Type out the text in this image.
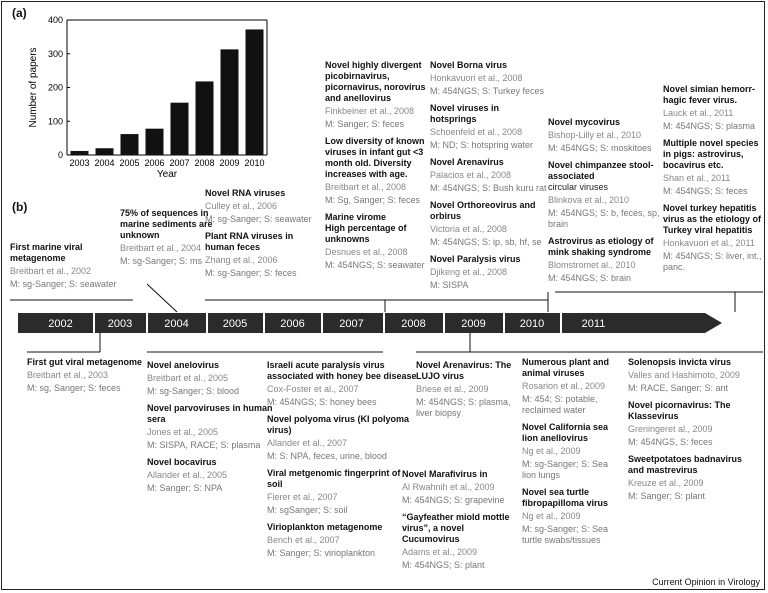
(a)
(b)
0
100
200
300
400
2003 2004 2005 2006 2007 2008 2009 2010
Year
Number of papers
2002	2003	2004	2005	2006	2007	2008	2009	2010	2011
First marine viral metagenome
Breitbart et al., 2002
M: sg-Sanger; S: seawater
75% of sequences in marine sediments are unknown
Breitbart et al., 2004
M: sg-Sanger; S: ms
Novel RNA viruses
Culley et al., 2006
M: sg-Sanger; S: seawater
Plant RNA viruses in human feces
Zhang et al., 2006
M: sg-Sanger; S: feces
Novel highly divergent picobirnavirus, picornavirus, norovirus and anellovirus
Finkbeiner et al., 2008
M: Sanger; S: feces
Low diversity of known viruses in infant gut <3 month old. Diversity increases with age.
Breitbart et al., 2008
M: Sg, Sanger; S: feces
Marine virome
High percentage of unknowns
Desnues et al., 2008
M: 454NGS; S: seawater
Novel Borna virus
Honkavuori et al., 2008
M: 454NGS; S: Turkey feces
Novel viruses in hotsprings
Schoenfeld et al., 2008
M: ND; S: hotspring water
Novel Arenavirus
Palacios et al., 2008
M: 454NGS; S: Bush kuru rat
Novel Orthoreovirus and orbirus
Victoria et al., 2008
M: 454NGS; S: ip, sb, hf, se
Novel Paralysis virus
Djikeng et al., 2008
M: SISPA
Novel mycovirus
Bishop-Lilly et al., 2010
M: 454NGS; S: moskitoes
Novel chimpanzee stool-associated
circular viruses
Blinkova et al., 2010
M: 454NGS; S: b, feces, sp, brain
Astrovirus as etiology of mink shaking syndrome
Blomstromet al., 2010
M: 454NGS; S: brain
Novel simian hemorr-hagic fever virus.
Lauck et al., 2011
M: 454NGS; S: plasma
Multiple novel species in pigs: astrovirus, bocavirus etc.
Shan et al., 2011
M: 454NGS; S: feces
Novel turkey hepatitis virus as the etiology of Turkey viral hepatitis
Honkavuori et al., 2011
M: 454NGS; S: liver, int., panc.
First gut viral metagenome
Breitbart et al., 2003
M: sg, Sanger; S: feces
Novel anelovirus
Breitbart et al., 2005
M: sg-Sanger; S: blood
Novel parvoviruses in human sera
Jones et al., 2005
M: SISPA, RACE; S: plasma
Novel bocavirus
Allander et al., 2005
M: Sanger; S: NPA
Israeli acute paralysis virus associated with honey bee disease
Cox-Foster et al., 2007
M: 454NGS; S: honey bees
Novel polyoma virus (KI polyoma virus)
Allander et al., 2007
M: S: NPA, feces, urine, blood
Viral metgenomic fingerprint of soil
Fierer et al., 2007
M: sgSanger; S: soil
Virioplankton metagenome
Bench et al., 2007
M: Sanger; S: virioplankton
Novel Arenavirus: The LUJO virus
Briese et al., 2009
M: 454NGS; S: plasma, liver biopsy
Novel Marafivirus in
Al Rwahnih et al., 2009
M: 454NGS; S: grapevine
“Gayfeather miold mottle virus”, a novel Cucumovirus
Adams et al., 2009
M: 454NGS; S: plant
Numerous plant and animal viruses
Rosarion et al., 2009
M: 454; S: potable, reclaimed water
Novel California sea lion anellovirus
Ng et al., 2009
M: sg-Sanger; S: Sea lion lungs
Novel sea turtle fibropapilloma virus
Ng et al., 2009
M: sg-Sanger; S: Sea turtle swabs/tissues
Solenopsis invicta virus
Valles and Hashimoto, 2009
M: RACE, Sanger; S: ant
Novel picornavirus: The Klassevirus
Greningeret al., 2009
M: 454NGS, S: feces
Sweetpotatoes badnavirus and mastrevirus
Kreuze et al., 2009
M: Sanger; S: plant
Current Opinion in Virology
